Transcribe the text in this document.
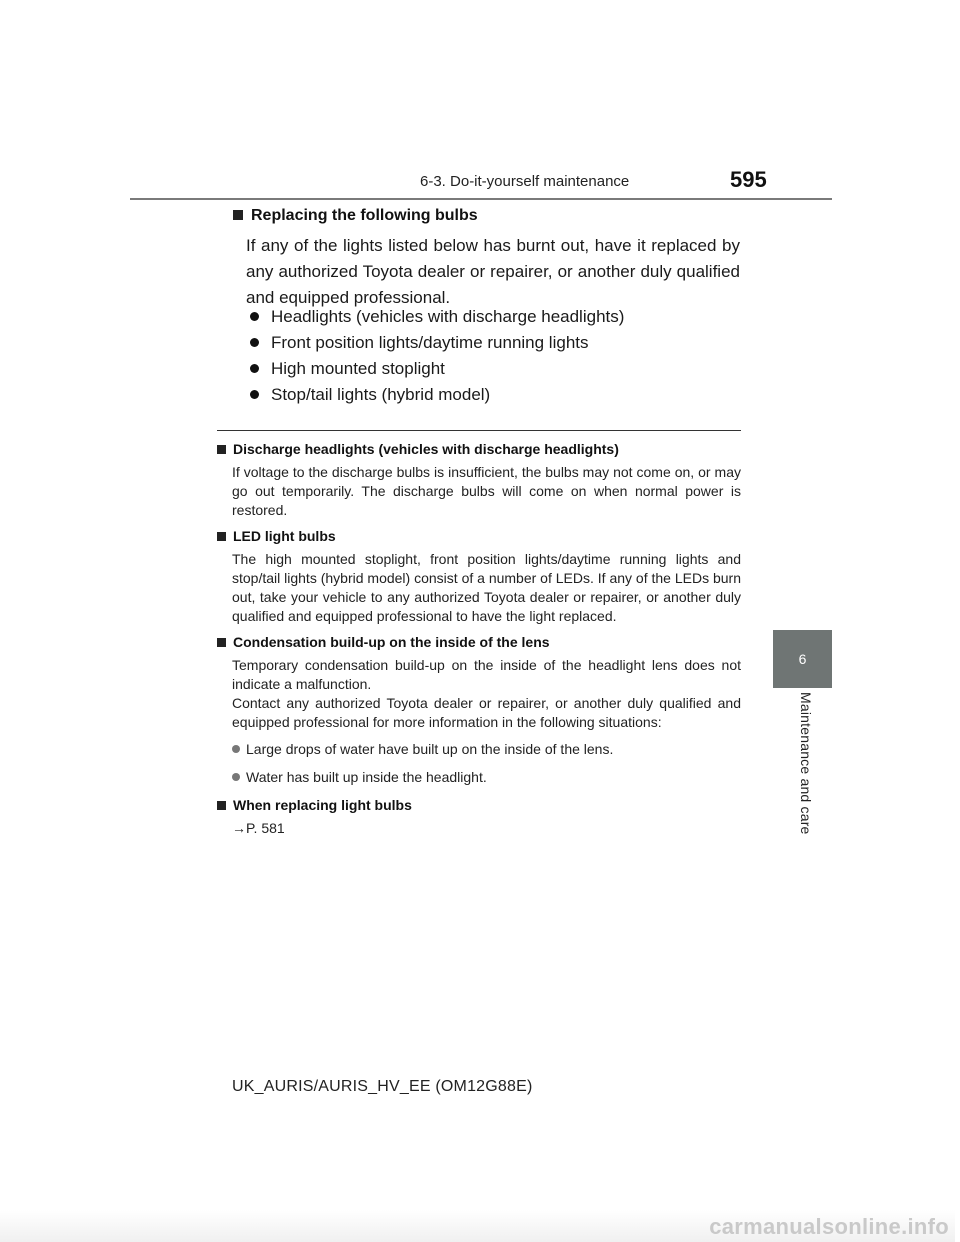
6-3. Do-it-yourself maintenance	595
6
Maintenance and care
Replacing the following bulbs
If any of the lights listed below has burnt out, have it replaced by any authorized Toyota dealer or repairer, or another duly qualified and equipped professional.
Headlights (vehicles with discharge headlights)
Front position lights/daytime running lights
High mounted stoplight
Stop/tail lights (hybrid model)
Discharge headlights (vehicles with discharge headlights)
If voltage to the discharge bulbs is insufficient, the bulbs may not come on, or may go out temporarily. The discharge bulbs will come on when normal power is restored.
LED light bulbs
The high mounted stoplight, front position lights/daytime running lights and stop/tail lights (hybrid model) consist of a number of LEDs. If any of the LEDs burn out, take your vehicle to any authorized Toyota dealer or repairer, or another duly qualified and equipped professional to have the light replaced.
Condensation build-up on the inside of the lens
Temporary condensation build-up on the inside of the headlight lens does not indicate a malfunction.
Contact any authorized Toyota dealer or repairer, or another duly qualified and equipped professional for more information in the following situations:
Large drops of water have built up on the inside of the lens.
Water has built up inside the headlight.
When replacing light bulbs
→P. 581
UK_AURIS/AURIS_HV_EE (OM12G88E)
carmanualsonline.info
